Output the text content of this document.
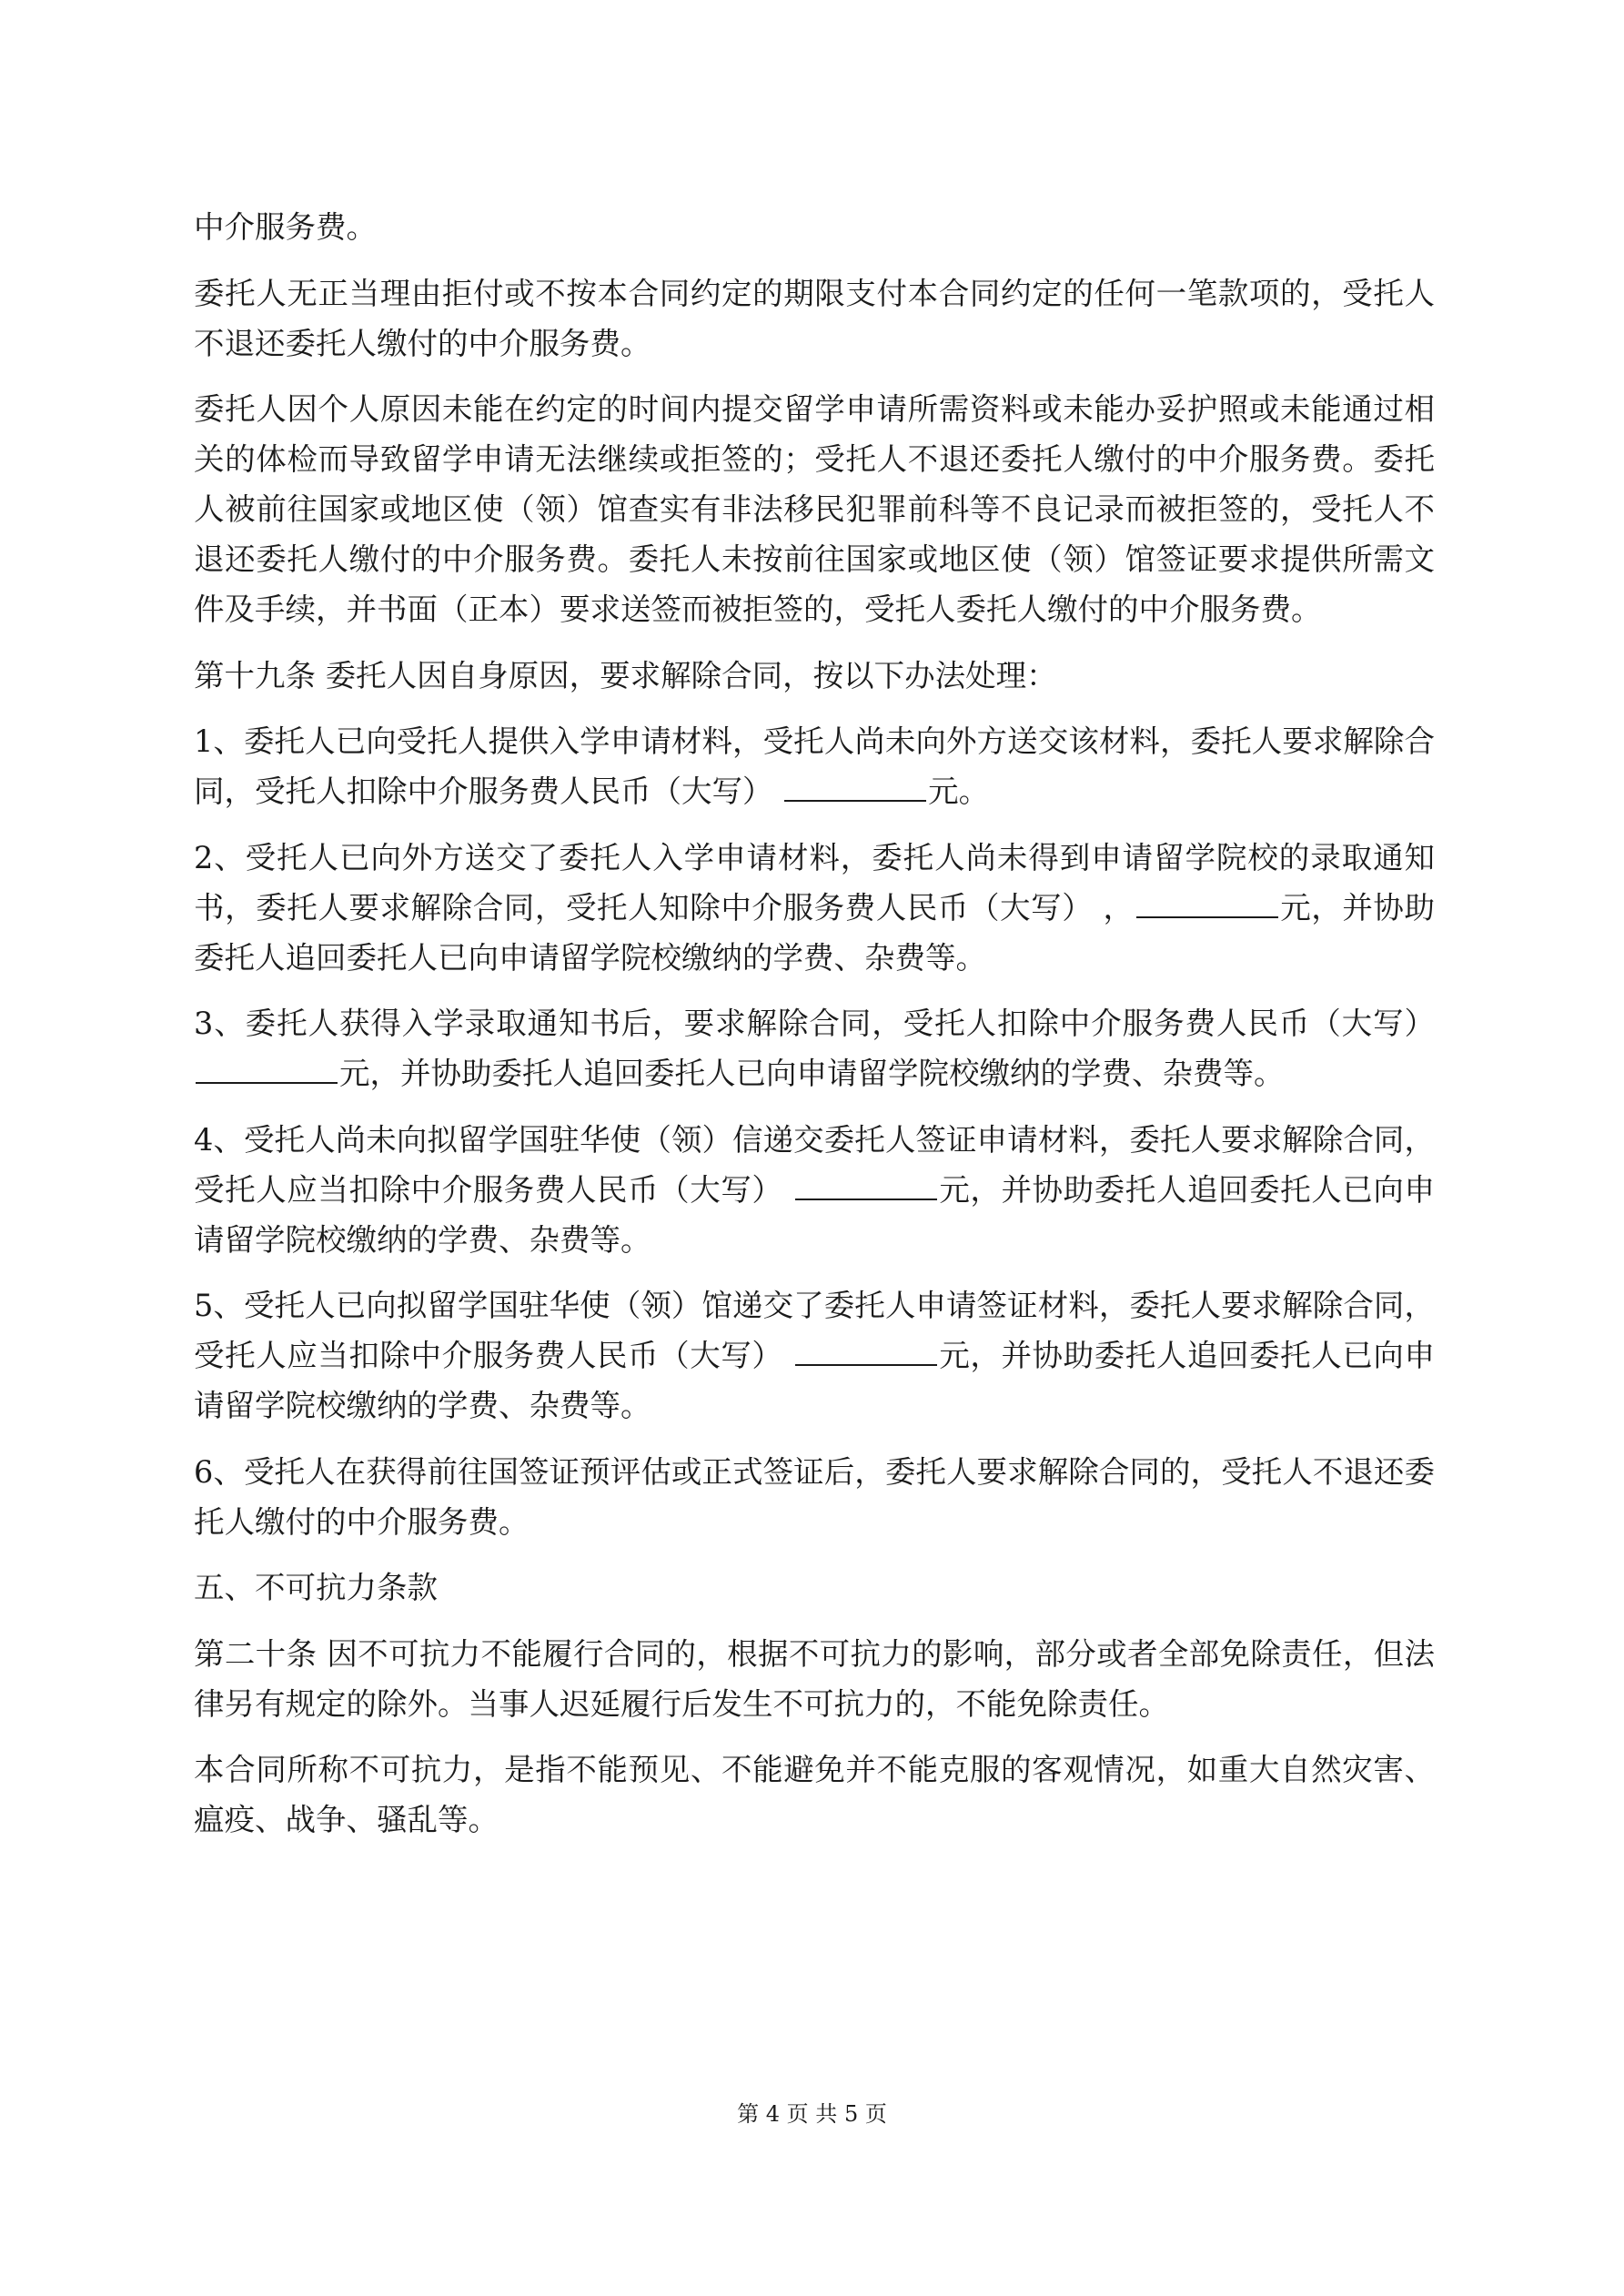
中介服务费。

委托人无正当理由拒付或不按本合同约定的期限支付本合同约定的任何一笔款项的，受托人不退还委托人缴付的中介服务费。

委托人因个人原因未能在约定的时间内提交留学申请所需资料或未能办妥护照或未能通过相关的体检而导致留学申请无法继续或拒签的；受托人不退还委托人缴付的中介服务费。委托人被前往国家或地区使（领）馆查实有非法移民犯罪前科等不良记录而被拒签的，受托人不退还委托人缴付的中介服务费。委托人未按前往国家或地区使（领）馆签证要求提供所需文件及手续，并书面（正本）要求送签而被拒签的，受托人委托人缴付的中介服务费。

第十九条 委托人因自身原因，要求解除合同，按以下办法处理：

1、委托人已向受托人提供入学申请材料，受托人尚未向外方送交该材料，委托人要求解除合同，受托人扣除中介服务费人民币（大写）	元。

2、受托人已向外方送交了委托人入学申请材料，委托人尚未得到申请留学院校的录取通知书，委托人要求解除合同，受托人知除中介服务费人民币（大写） ，	元，并协助委托人追回委托人已向申请留学院校缴纳的学费、杂费等。

3、委托人获得入学录取通知书后，要求解除合同，受托人扣除中介服务费人民币（大写） 元，并协助委托人追回委托人已向申请留学院校缴纳的学费、杂费等。

4、受托人尚未向拟留学国驻华使（领）信递交委托人签证申请材料，委托人要求解除合同，受托人应当扣除中介服务费人民币（大写）	元，并协助委托人追回委托人已向申请留学院校缴纳的学费、杂费等。

5、受托人已向拟留学国驻华使（领）馆递交了委托人申请签证材料，委托人要求解除合同，受托人应当扣除中介服务费人民币（大写）	元，并协助委托人追回委托人已向申请留学院校缴纳的学费、杂费等。

6、受托人在获得前往国签证预评估或正式签证后，委托人要求解除合同的，受托人不退还委托人缴付的中介服务费。

五、不可抗力条款

第二十条 因不可抗力不能履行合同的，根据不可抗力的影响，部分或者全部免除责任，但法律另有规定的除外。当事人迟延履行后发生不可抗力的，不能免除责任。

本合同所称不可抗力，是指不能预见、不能避免并不能克服的客观情况，如重大自然灾害、瘟疫、战争、骚乱等。

第 4 页 共 5 页
